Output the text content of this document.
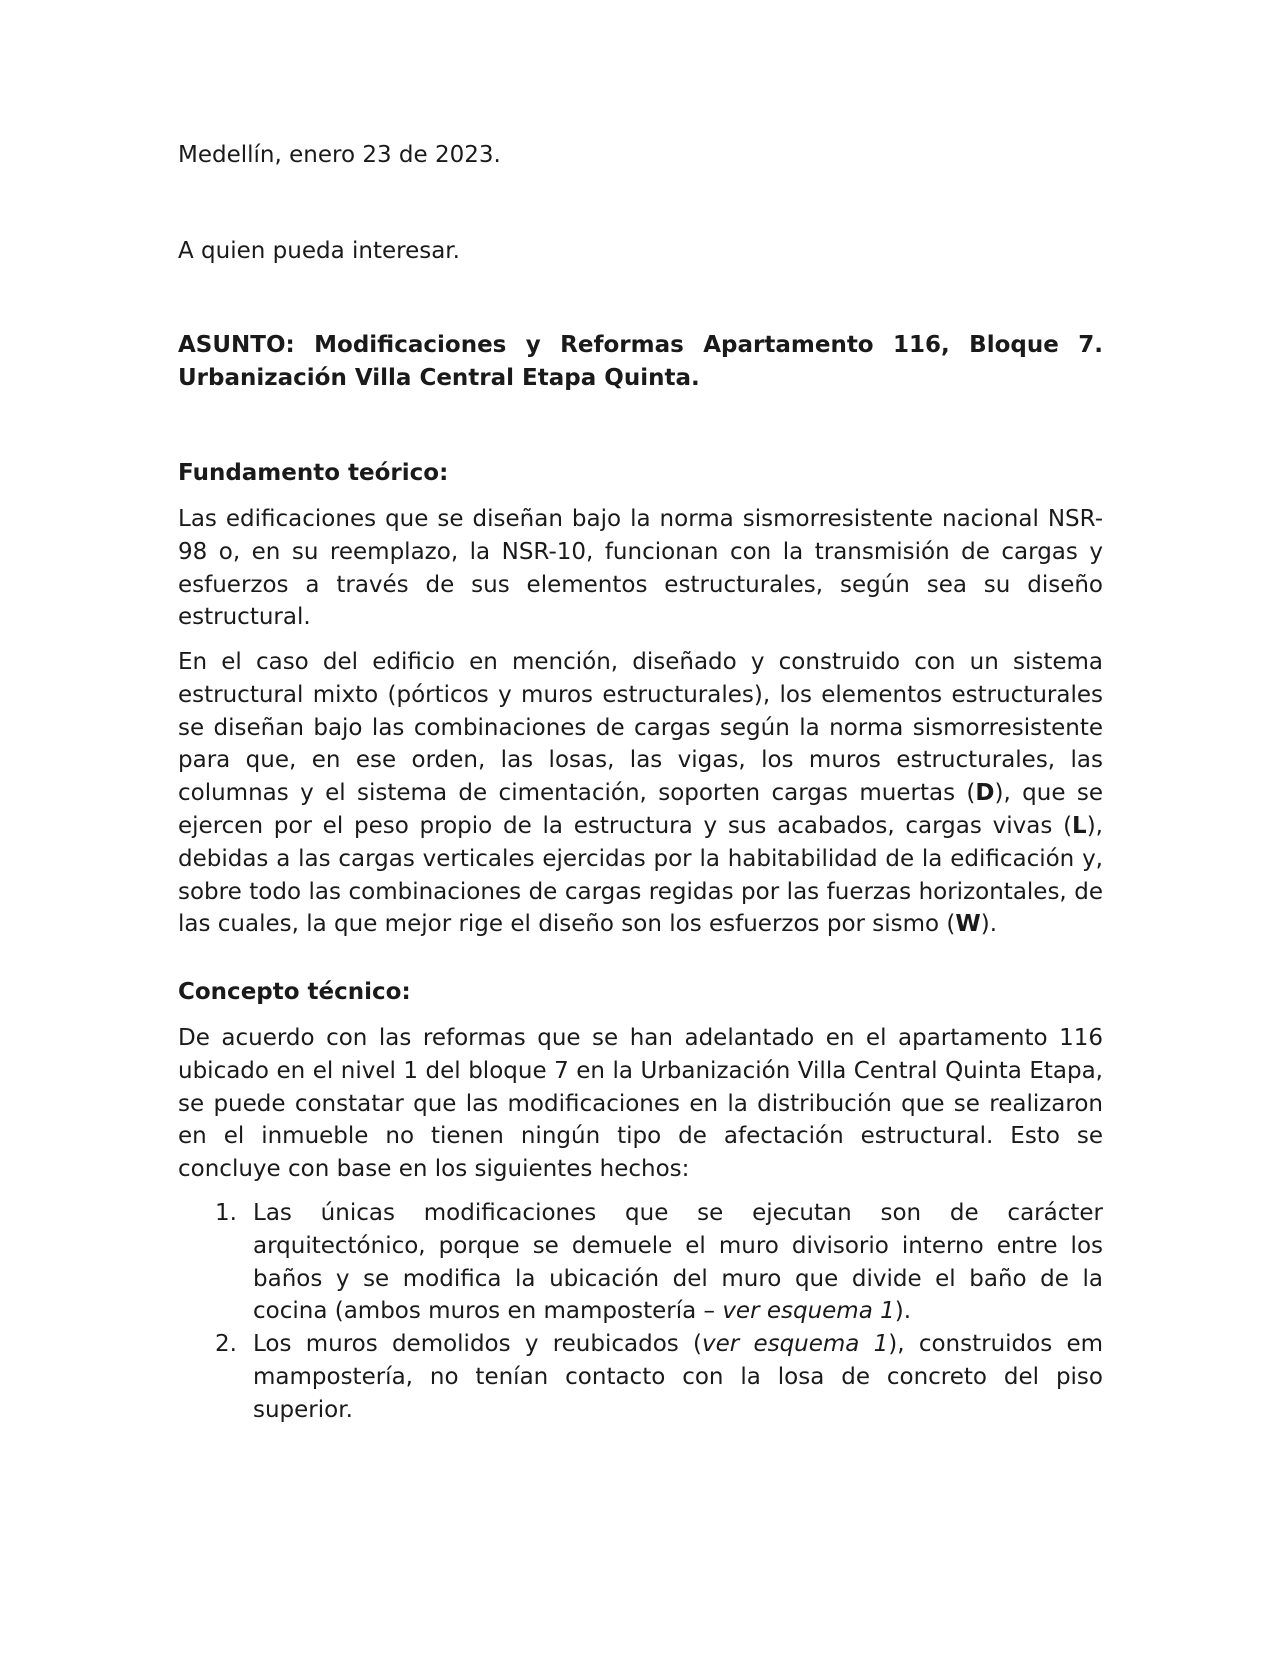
Medellín, enero 23 de 2023.

A quien pueda interesar.

ASUNTO: Modificaciones y Reformas Apartamento 116, Bloque 7. Urbanización Villa Central Etapa Quinta.

Fundamento teórico:

Las edificaciones que se diseñan bajo la norma sismorresistente nacional NSR-98 o, en su reemplazo, la NSR-10, funcionan con la transmisión de cargas y esfuerzos a través de sus elementos estructurales, según sea su diseño estructural.

En el caso del edificio en mención, diseñado y construido con un sistema estructural mixto (pórticos y muros estructurales), los elementos estructurales se diseñan bajo las combinaciones de cargas según la norma sismorresistente para que, en ese orden, las losas, las vigas, los muros estructurales, las columnas y el sistema de cimentación, soporten cargas muertas (D), que se ejercen por el peso propio de la estructura y sus acabados, cargas vivas (L), debidas a las cargas verticales ejercidas por la habitabilidad de la edificación y, sobre todo las combinaciones de cargas regidas por las fuerzas horizontales, de las cuales, la que mejor rige el diseño son los esfuerzos por sismo (W).

Concepto técnico:

De acuerdo con las reformas que se han adelantado en el apartamento 116 ubicado en el nivel 1 del bloque 7 en la Urbanización Villa Central Quinta Etapa, se puede constatar que las modificaciones en la distribución que se realizaron en el inmueble no tienen ningún tipo de afectación estructural. Esto se concluye con base en los siguientes hechos:

1. Las únicas modificaciones que se ejecutan son de carácter arquitectónico, porque se demuele el muro divisorio interno entre los baños y se modifica la ubicación del muro que divide el baño de la cocina (ambos muros en mampostería – ver esquema 1).
2. Los muros demolidos y reubicados (ver esquema 1), construidos em mampostería, no tenían contacto con la losa de concreto del piso superior.
